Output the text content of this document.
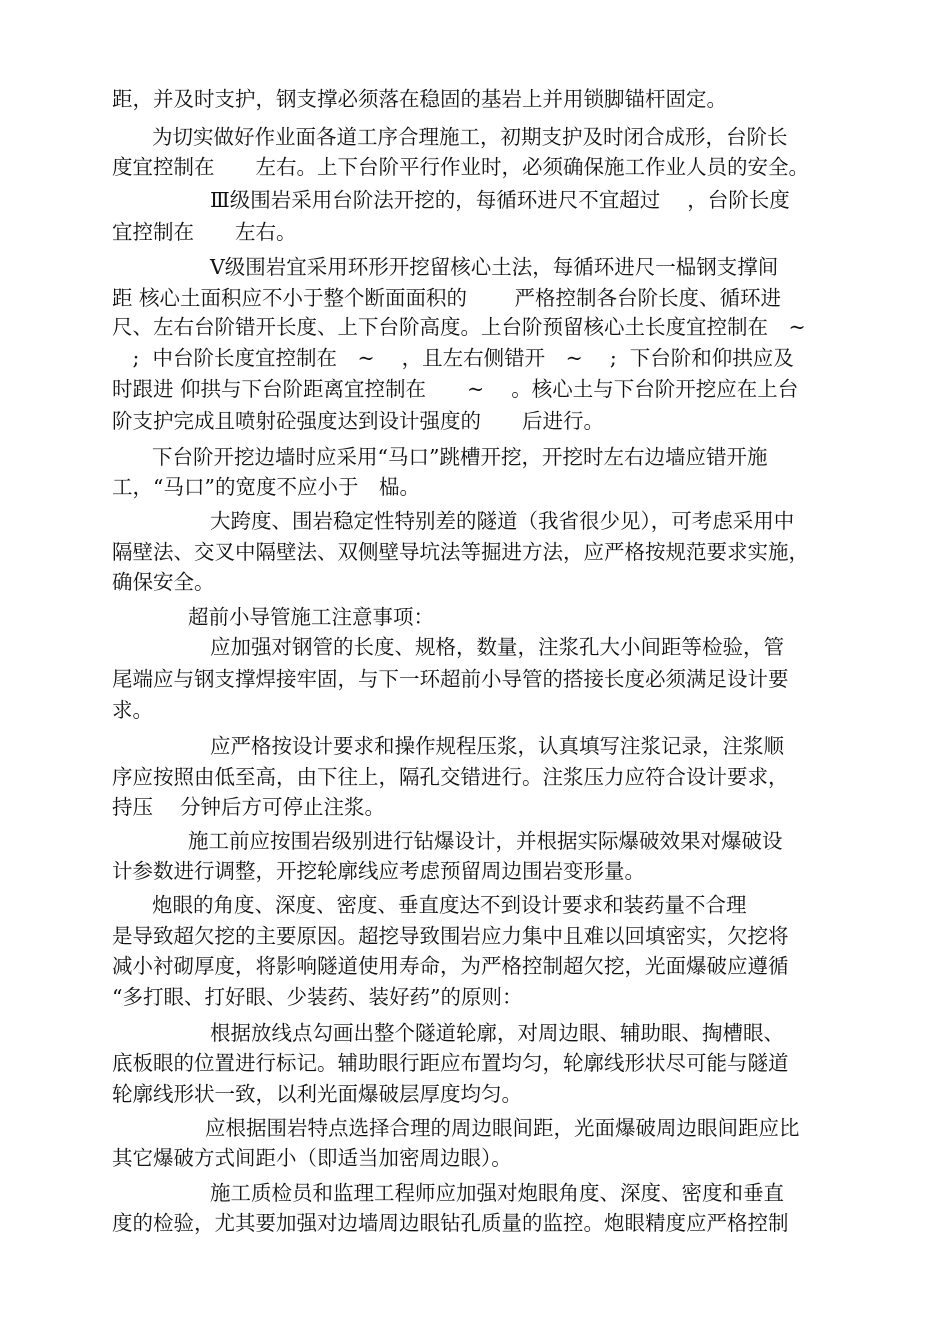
距，并及时支护，钢支撑必须落在稳固的基岩上并用锁脚锚杆固定。
为切实做好作业面各道工序合理施工，初期支护及时闭合成形，台阶长
度宜控制在　　左右。上下台阶平行作业时，必须确保施工作业人员的安全。
Ⅲ级围岩采用台阶法开挖的，每循环进尺不宜超过　 ，台阶长度
宜控制在　　左右。
Ⅴ级围岩宜采用环形开挖留核心土法，每循环进尺一榀钢支撑间
距 核心土面积应不小于整个断面面积的　　 严格控制各台阶长度、循环进
尺、左右台阶错开长度、上下台阶高度。上台阶预留核心土长度宜控制在　~
　;  中台阶长度宜控制在　~　 ，且左右侧错开　~　 ;  下台阶和仰拱应及
时跟进 仰拱与下台阶距离宜控制在　　~　 。核心土与下台阶开挖应在上台
阶支护完成且喷射砼强度达到设计强度的　　后进行。
下台阶开挖边墙时应采用“马口”跳槽开挖，开挖时左右边墙应错开施
工，“马口”的宽度不应小于　榀。
大跨度、围岩稳定性特别差的隧道（我省很少见），可考虑采用中
隔壁法、交叉中隔壁法、双侧壁导坑法等掘进方法，应严格按规范要求实施，
确保安全。
超前小导管施工注意事项：
应加强对钢管的长度、规格，数量，注浆孔大小间距等检验，管
尾端应与钢支撑焊接牢固，与下一环超前小导管的搭接长度必须满足设计要
求。
应严格按设计要求和操作规程压浆，认真填写注浆记录，注浆顺
序应按照由低至高，由下往上，隔孔交错进行。注浆压力应符合设计要求，
持压　 分钟后方可停止注浆。
施工前应按围岩级别进行钻爆设计，并根据实际爆破效果对爆破设
计参数进行调整，开挖轮廓线应考虑预留周边围岩变形量。
炮眼的角度、深度、密度、垂直度达不到设计要求和装药量不合理
是导致超欠挖的主要原因。超挖导致围岩应力集中且难以回填密实，欠挖将
减小衬砌厚度，将影响隧道使用寿命，为严格控制超欠挖，光面爆破应遵循
“多打眼、打好眼、少装药、装好药”的原则：
根据放线点勾画出整个隧道轮廓，对周边眼、辅助眼、掏槽眼、
底板眼的位置进行标记。辅助眼行距应布置均匀，轮廓线形状尽可能与隧道
轮廓线形状一致，以利光面爆破层厚度均匀。
应根据围岩特点选择合理的周边眼间距，光面爆破周边眼间距应比
其它爆破方式间距小（即适当加密周边眼）。
施工质检员和监理工程师应加强对炮眼角度、深度、密度和垂直
度的检验，尤其要加强对边墙周边眼钻孔质量的监控。炮眼精度应严格控制
